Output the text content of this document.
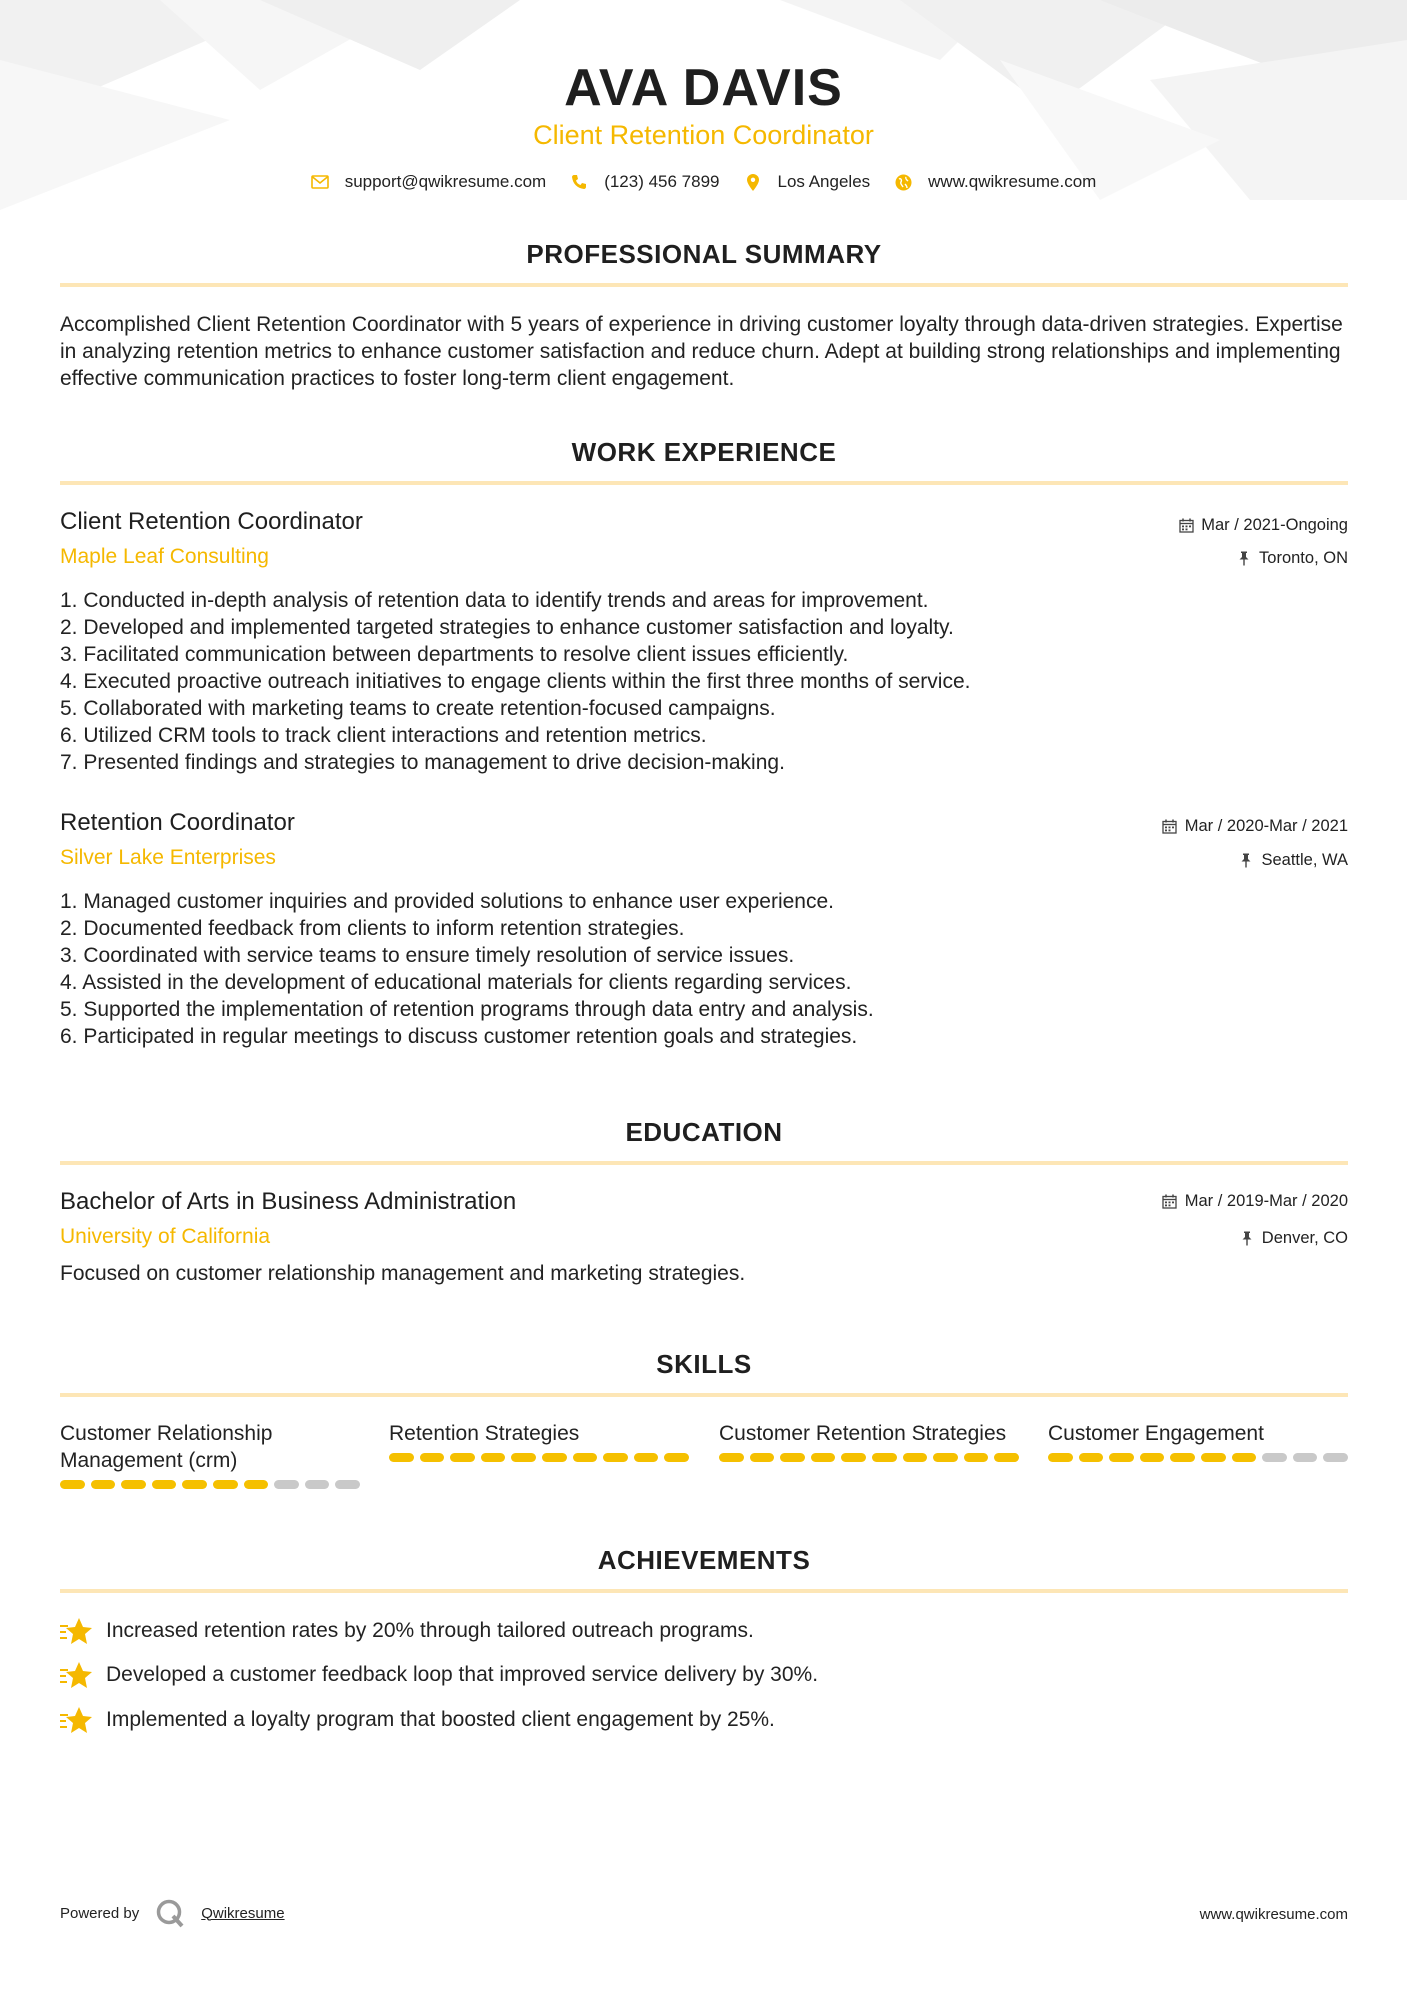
AVA DAVIS
Client Retention Coordinator
support@qwikresume.com	(123) 456 7899	Los Angeles	www.qwikresume.com
PROFESSIONAL SUMMARY
Accomplished Client Retention Coordinator with 5 years of experience in driving customer loyalty through data-driven strategies. Expertise in analyzing retention metrics to enhance customer satisfaction and reduce churn. Adept at building strong relationships and implementing effective communication practices to foster long-term client engagement.
WORK EXPERIENCE
Client Retention Coordinator	Mar / 2021-Ongoing
Maple Leaf Consulting	Toronto, ON
1. Conducted in-depth analysis of retention data to identify trends and areas for improvement.
2. Developed and implemented targeted strategies to enhance customer satisfaction and loyalty.
3. Facilitated communication between departments to resolve client issues efficiently.
4. Executed proactive outreach initiatives to engage clients within the first three months of service.
5. Collaborated with marketing teams to create retention-focused campaigns.
6. Utilized CRM tools to track client interactions and retention metrics.
7. Presented findings and strategies to management to drive decision-making.
Retention Coordinator	Mar / 2020-Mar / 2021
Silver Lake Enterprises	Seattle, WA
1. Managed customer inquiries and provided solutions to enhance user experience.
2. Documented feedback from clients to inform retention strategies.
3. Coordinated with service teams to ensure timely resolution of service issues.
4. Assisted in the development of educational materials for clients regarding services.
5. Supported the implementation of retention programs through data entry and analysis.
6. Participated in regular meetings to discuss customer retention goals and strategies.
EDUCATION
Bachelor of Arts in Business Administration	Mar / 2019-Mar / 2020
University of California	Denver, CO
Focused on customer relationship management and marketing strategies.
SKILLS
Customer Relationship Management (crm)
Retention Strategies	Customer Retention Strategies	Customer Engagement
ACHIEVEMENTS
Increased retention rates by 20% through tailored outreach programs.
Developed a customer feedback loop that improved service delivery by 30%.
Implemented a loyalty program that boosted client engagement by 25%.
Powered by	Qwikresume	www.qwikresume.com
